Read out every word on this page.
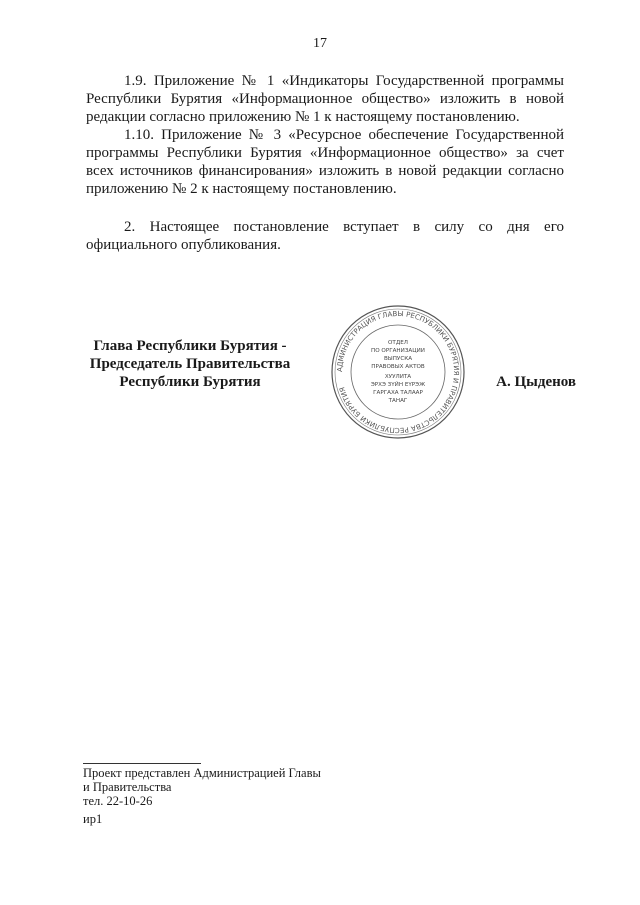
17

1.9. Приложение № 1 «Индикаторы Государственной программы Республики Бурятия «Информационное общество» изложить в новой редакции согласно приложению № 1 к настоящему постановлению.

1.10. Приложение № 3 «Ресурсное обеспечение Государственной программы Республики Бурятия «Информационное общество» за счет всех источников финансирования» изложить в новой редакции согласно приложению № 2 к настоящему постановлению.

2. Настоящее постановление вступает в силу со дня его официального опубликования.

Глава Республики Бурятия -
Председатель Правительства
Республики Бурятия
АДМИНИСТРАЦИЯ ГЛАВЫ РЕСПУБЛИКИ БУРЯТИЯ И ПРАВИТЕЛЬСТВА РЕСПУБЛИКИ БУРЯТИЯ
ОТДЕЛ
ПО ОРГАНИЗАЦИИ
ВЫПУСКА
ПРАВОВЫХ АКТОВ
ХУУЛИТА
ЭРХЭ ЗҮЙН ЕҮРЭЖ
ГАРГАХА ТАЛААР
ТАНАГ
А. Цыденов
Проект представлен Администрацией Главы
и Правительства
тел. 22-10-26
ир1
